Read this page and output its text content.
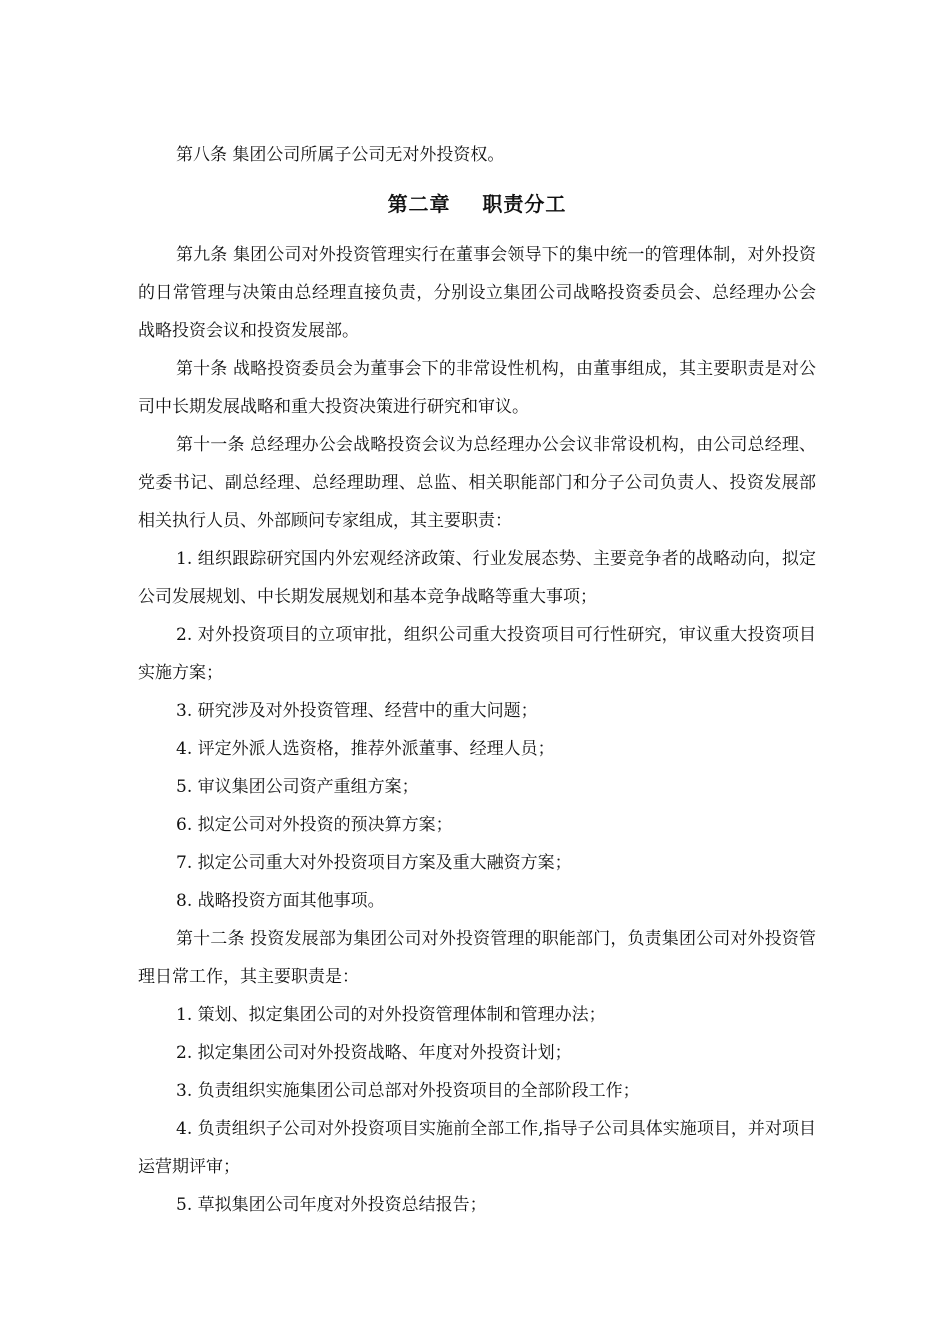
第八条 集团公司所属子公司无对外投资权。

第二章    职责分工

第九条 集团公司对外投资管理实行在董事会领导下的集中统一的管理体制，对外投资的日常管理与决策由总经理直接负责，分别设立集团公司战略投资委员会、总经理办公会战略投资会议和投资发展部。

第十条 战略投资委员会为董事会下的非常设性机构，由董事组成，其主要职责是对公司中长期发展战略和重大投资决策进行研究和审议。

第十一条 总经理办公会战略投资会议为总经理办公会议非常设机构，由公司总经理、党委书记、副总经理、总经理助理、总监、相关职能部门和分子公司负责人、投资发展部相关执行人员、外部顾问专家组成，其主要职责：

1. 组织跟踪研究国内外宏观经济政策、行业发展态势、主要竞争者的战略动向，拟定公司发展规划、中长期发展规划和基本竞争战略等重大事项；

2. 对外投资项目的立项审批，组织公司重大投资项目可行性研究，审议重大投资项目实施方案；

3. 研究涉及对外投资管理、经营中的重大问题；

4. 评定外派人选资格，推荐外派董事、经理人员；

5. 审议集团公司资产重组方案；

6. 拟定公司对外投资的预决算方案；

7. 拟定公司重大对外投资项目方案及重大融资方案；

8. 战略投资方面其他事项。

第十二条 投资发展部为集团公司对外投资管理的职能部门，负责集团公司对外投资管理日常工作，其主要职责是：

1. 策划、拟定集团公司的对外投资管理体制和管理办法；

2. 拟定集团公司对外投资战略、年度对外投资计划；

3. 负责组织实施集团公司总部对外投资项目的全部阶段工作；

4. 负责组织子公司对外投资项目实施前全部工作,指导子公司具体实施项目，并对项目运营期评审；

5. 草拟集团公司年度对外投资总结报告；
